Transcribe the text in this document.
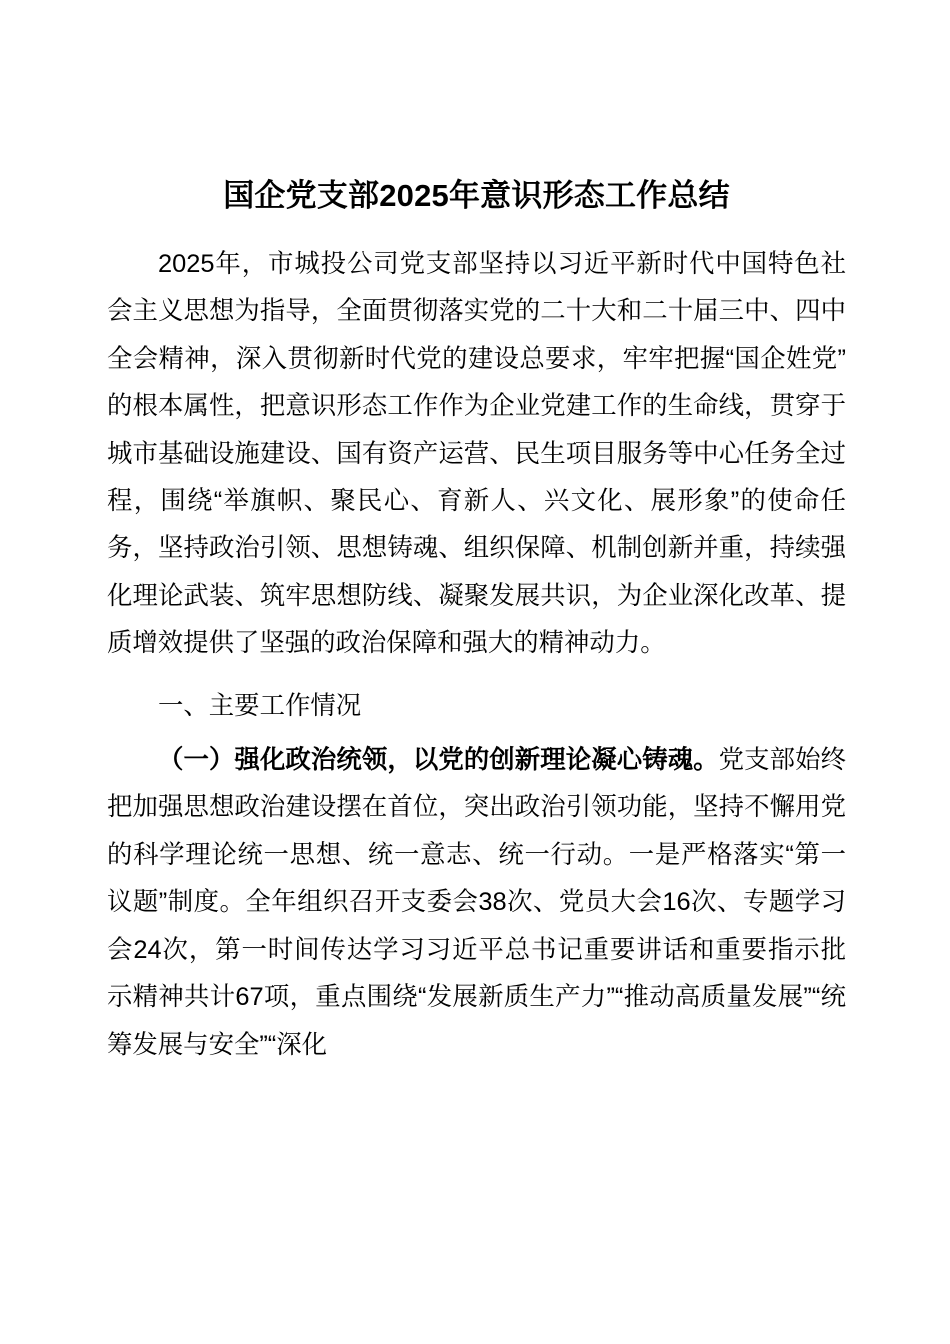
国企党支部2025年意识形态工作总结

2025年，市城投公司党支部坚持以习近平新时代中国特色社会主义思想为指导，全面贯彻落实党的二十大和二十届三中、四中全会精神，深入贯彻新时代党的建设总要求，牢牢把握“国企姓党”的根本属性，把意识形态工作作为企业党建工作的生命线，贯穿于城市基础设施建设、国有资产运营、民生项目服务等中心任务全过程，围绕“举旗帜、聚民心、育新人、兴文化、展形象”的使命任务，坚持政治引领、思想铸魂、组织保障、机制创新并重，持续强化理论武装、筑牢思想防线、凝聚发展共识，为企业深化改革、提质增效提供了坚强的政治保障和强大的精神动力。

一、主要工作情况

（一）强化政治统领，以党的创新理论凝心铸魂。党支部始终把加强思想政治建设摆在首位，突出政治引领功能，坚持不懈用党的科学理论统一思想、统一意志、统一行动。一是严格落实“第一议题”制度。全年组织召开支委会38次、党员大会16次、专题学习会24次，第一时间传达学习习近平总书记重要讲话和重要指示批示精神共计67项，重点围绕“发展新质生产力”“推动高质量发展”“统筹发展与安全”“深化
